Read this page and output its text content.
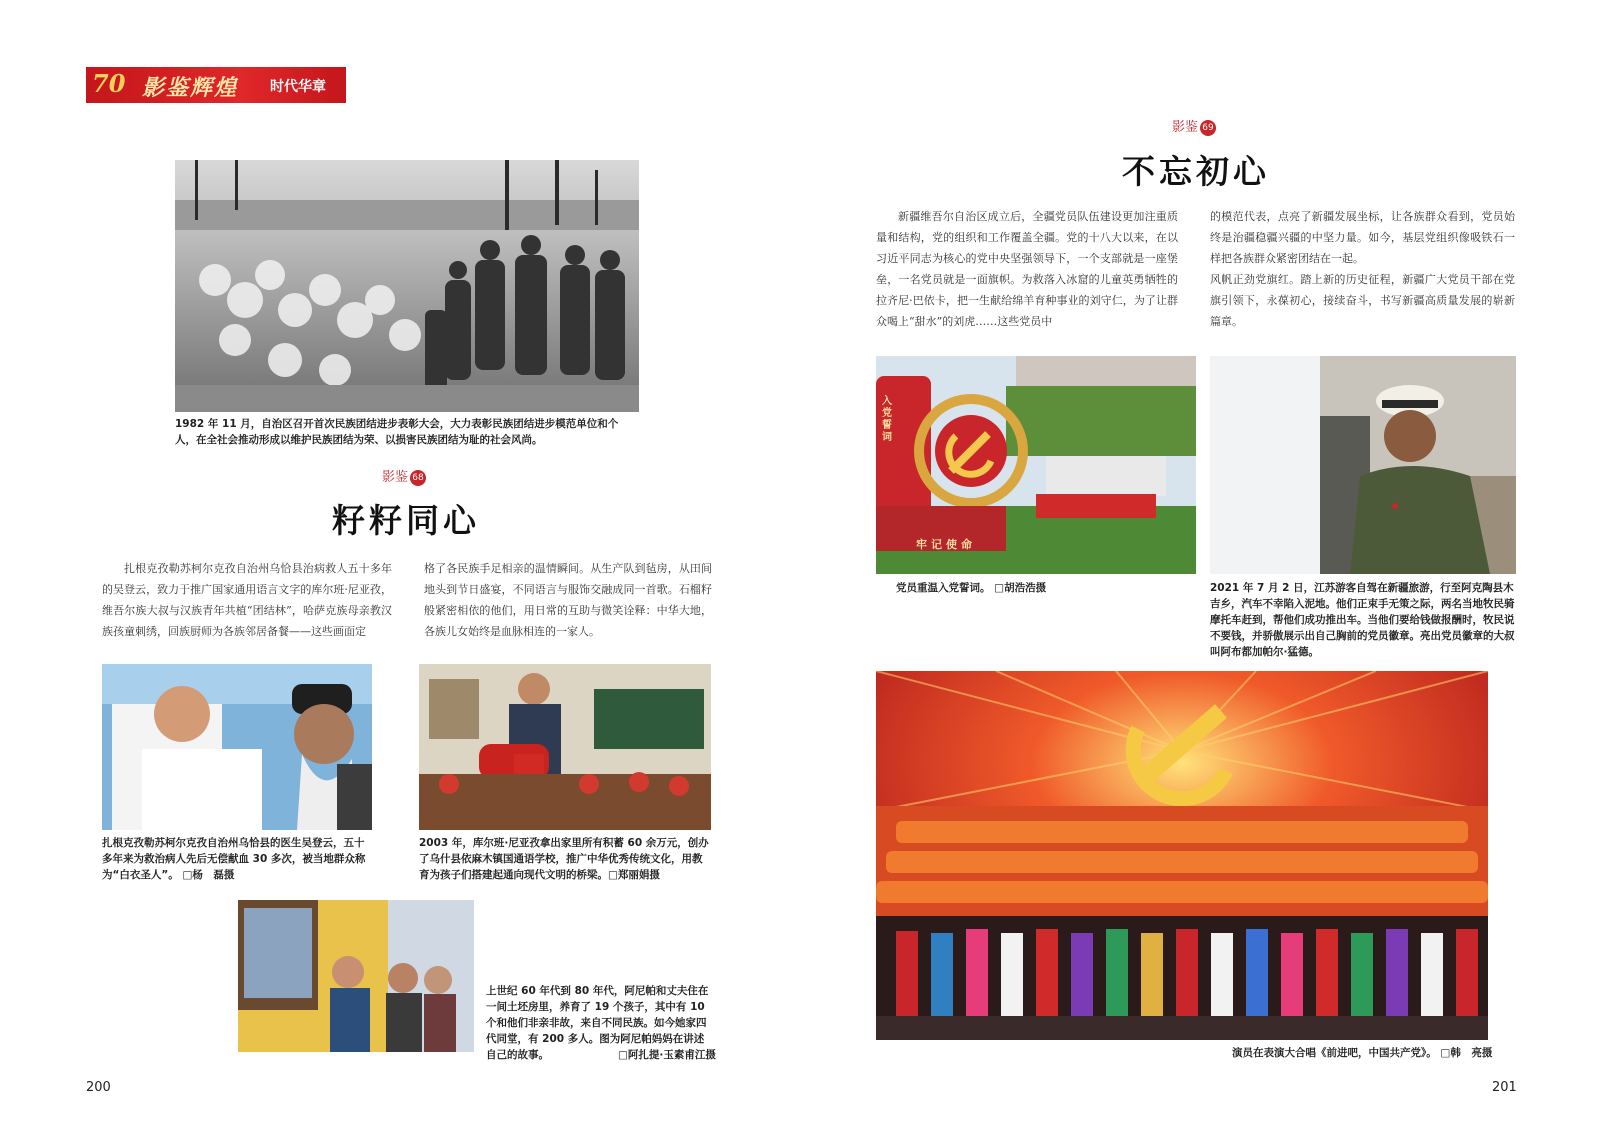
70 影鉴辉煌 时代华章
1982 年 11 月，自治区召开首次民族团结进步表彰大会，大力表彰民族团结进步模范单位和个人，在全社会推动形成以维护民族团结为荣、以损害民族团结为耻的社会风尚。
影鉴 68
籽籽同心
扎根克孜勒苏柯尔克孜自治州乌恰县治病救人五十多年的吴登云，致力于推广国家通用语言文字的库尔班·尼亚孜，维吾尔族大叔与汉族青年共植“团结林”，哈萨克族母亲教汉族孩童刺绣，回族厨师为各族邻居备餐——这些画面定
格了各民族手足相亲的温情瞬间。从生产队到毡房，从田间地头到节日盛宴，不同语言与服饰交融成同一首歌。石榴籽般紧密相依的他们，用日常的互助与微笑诠释：中华大地，各族儿女始终是血脉相连的一家人。
扎根克孜勒苏柯尔克孜自治州乌恰县的医生吴登云，五十多年来为救治病人先后无偿献血 30 多次，被当地群众称为“白衣圣人”。 □杨　磊摄
2003 年，库尔班·尼亚孜拿出家里所有积蓄 60 余万元，创办了乌什县依麻木镇国通语学校，推广中华优秀传统文化，用教育为孩子们搭建起通向现代文明的桥梁。□郑丽娟摄
上世纪 60 年代到 80 年代，阿尼帕和丈夫住在一间土坯房里，养育了 19 个孩子，其中有 10 个和他们非亲非故，来自不同民族。如今她家四代同堂，有 200 多人。图为阿尼帕妈妈在讲述自己的故事。	□阿扎提·玉素甫江摄
200
影鉴 69
不忘初心
新疆维吾尔自治区成立后，全疆党员队伍建设更加注重质量和结构，党的组织和工作覆盖全疆。党的十八大以来，在以习近平同志为核心的党中央坚强领导下，一个支部就是一座堡垒，一名党员就是一面旗帜。为救落入冰窟的儿童英勇牺牲的拉齐尼·巴依卡，把一生献给绵羊育种事业的刘守仁，为了让群众喝上“甜水”的刘虎……这些党员中
的模范代表，点亮了新疆发展坐标，让各族群众看到，党员始终是治疆稳疆兴疆的中坚力量。如今，基层党组织像吸铁石一样把各族群众紧密团结在一起。
风帆正劲党旗红。踏上新的历史征程，新疆广大党员干部在党旗引领下，永葆初心，接续奋斗，书写新疆高质量发展的崭新篇章。
入党誓词
牢记使命
党员重温入党誓词。 □胡浩浩摄	2021 年 7 月 2 日，江苏游客自驾在新疆旅游，行至阿克陶县木吉乡，汽车不幸陷入泥地。他们正束手无策之际，两名当地牧民骑摩托车赶到，帮他们成功推出车。当他们要给钱做报酬时，牧民说不要钱，并骄傲展示出自己胸前的党员徽章。亮出党员徽章的大叔叫阿布都加帕尔·猛德。
演员在表演大合唱《前进吧，中国共产党》。 □韩　亮摄
201
